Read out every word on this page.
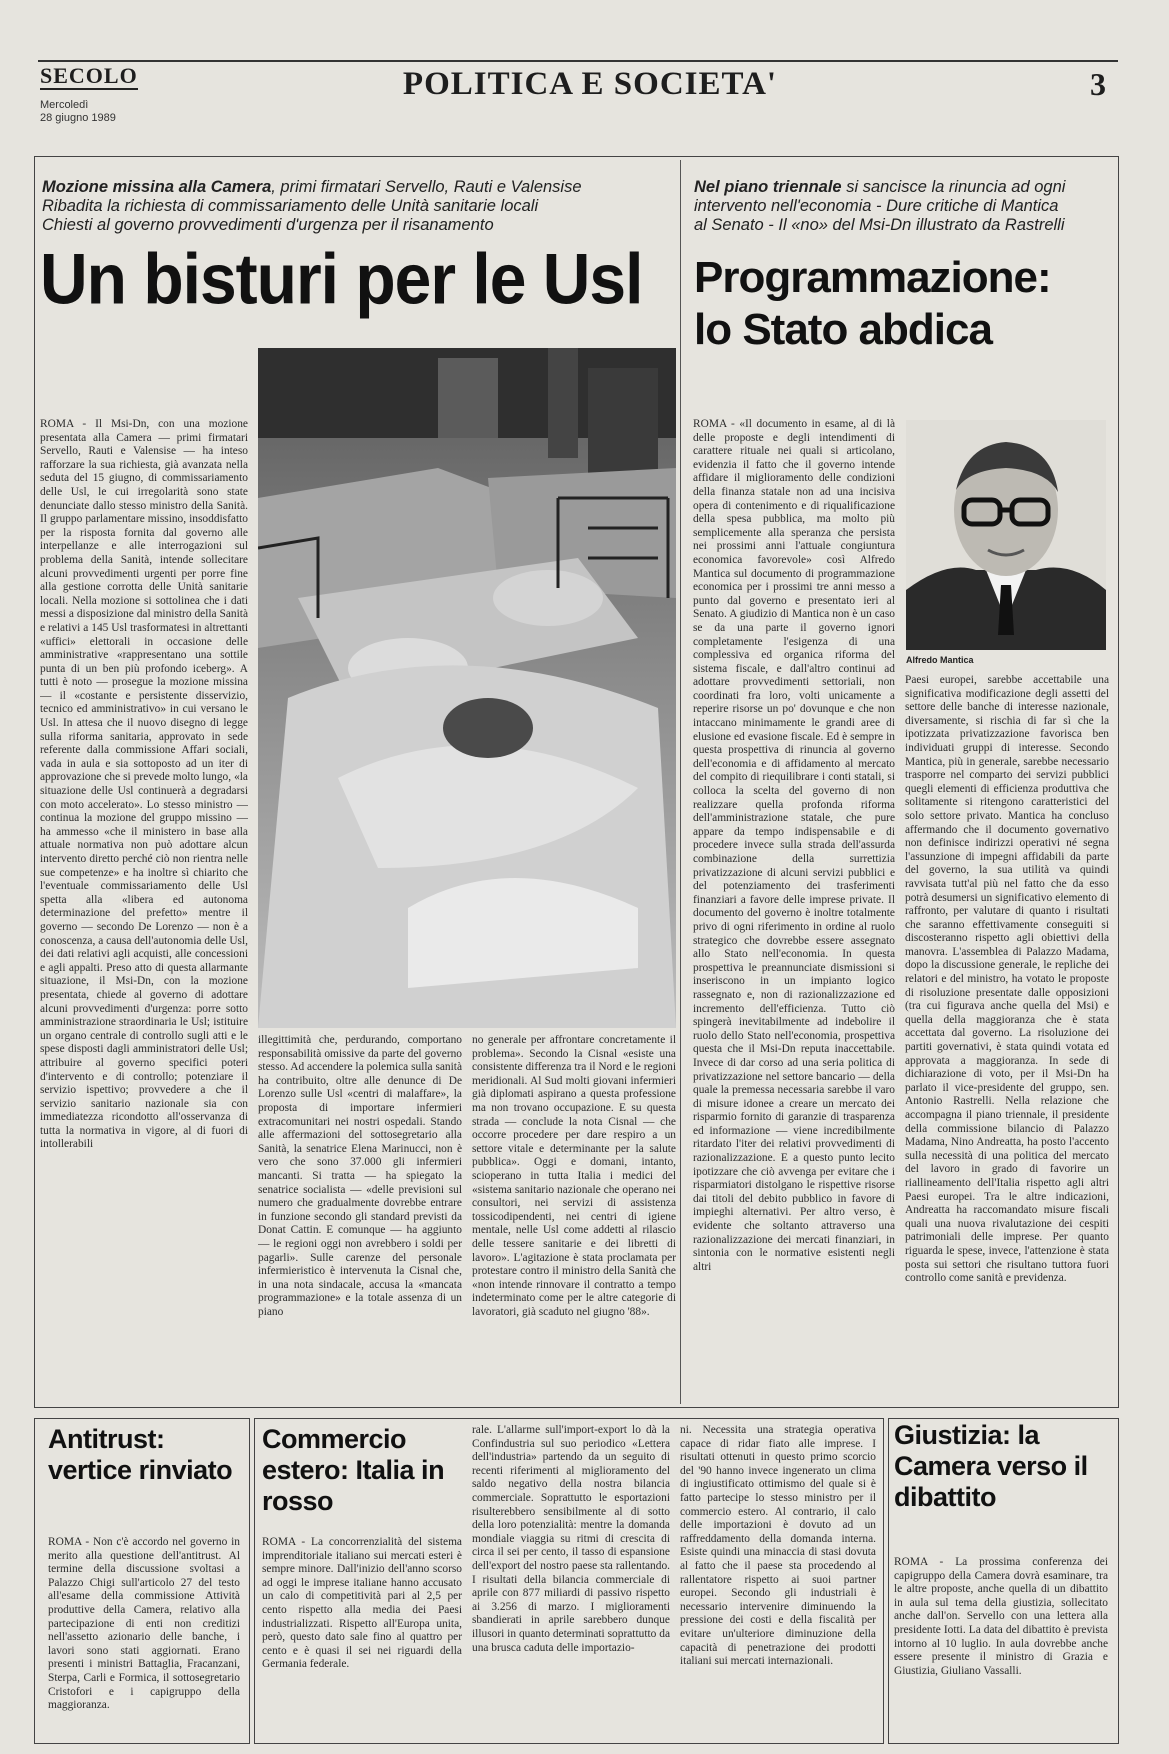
SECOLO
Mercoledì
28 giugno 1989
POLITICA E SOCIETA'	3
Mozione missina alla Camera, primi firmatari Servello, Rauti e Valensise
Ribadita la richiesta di commissariamento delle Unità sanitarie locali
Chiesti al governo provvedimenti d'urgenza per il risanamento
Un bisturi per le Usl

ROMA - Il Msi-Dn, con una mozione presentata alla Camera — primi firmatari Servello, Rauti e Valensise — ha inteso rafforzare la sua richiesta, già avanzata nella seduta del 15 giugno, di commissariamento delle Usl, le cui irregolarità sono state denunciate dallo stesso ministro della Sanità. Il gruppo parlamentare missino, insoddisfatto per la risposta fornita dal governo alle interpellanze e alle interrogazioni sul problema della Sanità, intende sollecitare alcuni provvedimenti urgenti per porre fine alla gestione corrotta delle Unità sanitarie locali. Nella mozione si sottolinea che i dati messi a disposizione dal ministro della Sanità e relativi a 145 Usl trasformatesi in altrettanti «uffici» elettorali in occasione delle amministrative «rappresentano una sottile punta di un ben più profondo iceberg». A tutti è noto — prosegue la mozione missina — il «costante e persistente disservizio, tecnico ed amministrativo» in cui versano le Usl. In attesa che il nuovo disegno di legge sulla riforma sanitaria, approvato in sede referente dalla commissione Affari sociali, vada in aula e sia sottoposto ad un iter di approvazione che si prevede molto lungo, «la situazione delle Usl continuerà a degradarsi con moto accelerato». Lo stesso ministro — continua la mozione del gruppo missino — ha ammesso «che il ministero in base alla attuale normativa non può adottare alcun intervento diretto perché ciò non rientra nelle sue competenze» e ha inoltre sì chiarito che l'eventuale commissariamento delle Usl spetta alla «libera ed autonoma determinazione del prefetto» mentre il governo — secondo De Lorenzo — non è a conoscenza, a causa dell'autonomia delle Usl, dei dati relativi agli acquisti, alle concessioni e agli appalti. Preso atto di questa allarmante situazione, il Msi-Dn, con la mozione presentata, chiede al governo di adottare alcuni provvedimenti d'urgenza: porre sotto amministrazione straordinaria le Usl; istituire un organo centrale di controllo sugli atti e le spese disposti dagli amministratori delle Usl; attribuire al governo specifici poteri d'intervento e di controllo; potenziare il servizio ispettivo; provvedere a che il servizio sanitario nazionale sia con immediatezza ricondotto all'osservanza di tutta la normativa in vigore, al di fuori di intollerabili

illegittimità che, perdurando, comportano responsabilità omissive da parte del governo stesso. Ad accendere la polemica sulla sanità ha contribuito, oltre alle denunce di De Lorenzo sulle Usl «centri di malaffare», la proposta di importare infermieri extracomunitari nei nostri ospedali. Stando alle affermazioni del sottosegretario alla Sanità, la senatrice Elena Marinucci, non è vero che sono 37.000 gli infermieri mancanti. Si tratta — ha spiegato la senatrice socialista — «delle previsioni sul numero che gradualmente dovrebbe entrare in funzione secondo gli standard previsti da Donat Cattin. E comunque — ha aggiunto — le regioni oggi non avrebbero i soldi per pagarli». Sulle carenze del personale infermieristico è intervenuta la Cisnal che, in una nota sindacale, accusa la «mancata programmazione» e la totale assenza di un piano

no generale per affrontare concretamente il problema». Secondo la Cisnal «esiste una consistente differenza tra il Nord e le regioni meridionali. Al Sud molti giovani infermieri già diplomati aspirano a questa professione ma non trovano occupazione. E su questa strada — conclude la nota Cisnal — che occorre procedere per dare respiro a un settore vitale e determinante per la salute pubblica». Oggi e domani, intanto, scioperano in tutta Italia i medici del «sistema sanitario nazionale che operano nei consultori, nei servizi di assistenza tossicodipendenti, nei centri di igiene mentale, nelle Usl come addetti al rilascio delle tessere sanitarie e dei libretti di lavoro». L'agitazione è stata proclamata per protestare contro il ministro della Sanità che «non intende rinnovare il contratto a tempo indeterminato come per le altre categorie di lavoratori, già scaduto nel giugno '88».

Nel piano triennale si sancisce la rinuncia ad ogni
intervento nell'economia - Dure critiche di Mantica
al Senato - Il «no» del Msi-Dn illustrato da Rastrelli
Programmazione:
lo Stato abdica
Alfredo Mantica

ROMA - «Il documento in esame, al di là delle proposte e degli intendimenti di carattere rituale nei quali si articolano, evidenzia il fatto che il governo intende affidare il miglioramento delle condizioni della finanza statale non ad una incisiva opera di contenimento e di riqualificazione della spesa pubblica, ma molto più semplicemente alla speranza che persista nei prossimi anni l'attuale congiuntura economica favorevole» così Alfredo Mantica sul documento di programmazione economica per i prossimi tre anni messo a punto dal governo e presentato ieri al Senato. A giudizio di Mantica non è un caso se da una parte il governo ignori completamente l'esigenza di una complessiva ed organica riforma del sistema fiscale, e dall'altro continui ad adottare provvedimenti settoriali, non coordinati fra loro, volti unicamente a reperire risorse un po' dovunque e che non intaccano minimamente le grandi aree di elusione ed evasione fiscale. Ed è sempre in questa prospettiva di rinuncia al governo dell'economia e di affidamento al mercato del compito di riequilibrare i conti statali, si colloca la scelta del governo di non realizzare quella profonda riforma dell'amministrazione statale, che pure appare da tempo indispensabile e di procedere invece sulla strada dell'assurda combinazione della surrettizia privatizzazione di alcuni servizi pubblici e del potenziamento dei trasferimenti finanziari a favore delle imprese private. Il documento del governo è inoltre totalmente privo di ogni riferimento in ordine al ruolo strategico che dovrebbe essere assegnato allo Stato nell'economia. In questa prospettiva le preannunciate dismissioni si inseriscono in un impianto logico rassegnato e, non di razionalizzazione ed incremento dell'efficienza. Tutto ciò spingerà inevitabilmente ad indebolire il ruolo dello Stato nell'economia, prospettiva questa che il Msi-Dn reputa inaccettabile. Invece di dar corso ad una seria politica di privatizzazione nel settore bancario — della quale la premessa necessaria sarebbe il varo di misure idonee a creare un mercato dei risparmio fornito di garanzie di trasparenza ed informazione — viene incredibilmente ritardato l'iter dei relativi provvedimenti di razionalizzazione. E a questo punto lecito ipotizzare che ciò avvenga per evitare che i risparmiatori distolgano le rispettive risorse dai titoli del debito pubblico in favore di impieghi alternativi. Per altro verso, è evidente che soltanto attraverso una razionalizzazione dei mercati finanziari, in sintonia con le normative esistenti negli altri

Paesi europei, sarebbe accettabile una significativa modificazione degli assetti del settore delle banche di interesse nazionale, diversamente, si rischia di far sì che la ipotizzata privatizzazione favorisca ben individuati gruppi di interesse. Secondo Mantica, più in generale, sarebbe necessario trasporre nel comparto dei servizi pubblici quegli elementi di efficienza produttiva che solitamente si ritengono caratteristici del solo settore privato. Mantica ha concluso affermando che il documento governativo non definisce indirizzi operativi né segna l'assunzione di impegni affidabili da parte del governo, la sua utilità va quindi ravvisata tutt'al più nel fatto che da esso potrà desumersi un significativo elemento di raffronto, per valutare di quanto i risultati che saranno effettivamente conseguiti si discosteranno rispetto agli obiettivi della manovra. L'assemblea di Palazzo Madama, dopo la discussione generale, le repliche dei relatori e del ministro, ha votato le proposte di risoluzione presentate dalle opposizioni (tra cui figurava anche quella del Msi) e quella della maggioranza che è stata accettata dal governo. La risoluzione dei partiti governativi, è stata quindi votata ed approvata a maggioranza. In sede di dichiarazione di voto, per il Msi-Dn ha parlato il vice-presidente del gruppo, sen. Antonio Rastrelli. Nella relazione che accompagna il piano triennale, il presidente della commissione bilancio di Palazzo Madama, Nino Andreatta, ha posto l'accento sulla necessità di una politica del mercato del lavoro in grado di favorire un riallineamento dell'Italia rispetto agli altri Paesi europei. Tra le altre indicazioni, Andreatta ha raccomandato misure fiscali quali una nuova rivalutazione dei cespiti patrimoniali delle imprese. Per quanto riguarda le spese, invece, l'attenzione è stata posta sui settori che risultano tuttora fuori controllo come sanità e previdenza.

Antitrust: vertice rinviato

ROMA - Non c'è accordo nel governo in merito alla questione dell'antitrust. Al termine della discussione svoltasi a Palazzo Chigi sull'articolo 27 del testo all'esame della commissione Attività produttive della Camera, relativo alla partecipazione di enti non creditizi nell'assetto azionario delle banche, i lavori sono stati aggiornati. Erano presenti i ministri Battaglia, Fracanzani, Sterpa, Carli e Formica, il sottosegretario Cristofori e i capigruppo della maggioranza.

Commercio estero: Italia in rosso

ROMA - La concorrenzialità del sistema imprenditoriale italiano sui mercati esteri è sempre minore. Dall'inizio dell'anno scorso ad oggi le imprese italiane hanno accusato un calo di competitività pari al 2,5 per cento rispetto alla media dei Paesi industrializzati. Rispetto all'Europa unita, però, questo dato sale fino al quattro per cento e è quasi il sei nei riguardi della Germania federale.

rale. L'allarme sull'import-export lo dà la Confindustria sul suo periodico «Lettera dell'industria» partendo da un seguito di recenti riferimenti al miglioramento del saldo negativo della nostra bilancia commerciale. Soprattutto le esportazioni risulterebbero sensibilmente al di sotto della loro potenzialità: mentre la domanda mondiale viaggia su ritmi di crescita di circa il sei per cento, il tasso di espansione dell'export del nostro paese sta rallentando. I risultati della bilancia commerciale di aprile con 877 miliardi di passivo rispetto ai 3.256 di marzo. I miglioramenti sbandierati in aprile sarebbero dunque illusori in quanto determinati soprattutto da una brusca caduta delle importazio-

ni. Necessita una strategia operativa capace di ridar fiato alle imprese. I risultati ottenuti in questo primo scorcio del '90 hanno invece ingenerato un clima di ingiustificato ottimismo del quale si è fatto partecipe lo stesso ministro per il commercio estero. Al contrario, il calo delle importazioni è dovuto ad un raffreddamento della domanda interna. Esiste quindi una minaccia di stasi dovuta al fatto che il paese sta procedendo al rallentatore rispetto ai suoi partner europei. Secondo gli industriali è necessario intervenire diminuendo la pressione dei costi e della fiscalità per evitare un'ulteriore diminuzione della capacità di penetrazione dei prodotti italiani sui mercati internazionali.

Giustizia: la Camera verso il dibattito

ROMA - La prossima conferenza dei capigruppo della Camera dovrà esaminare, tra le altre proposte, anche quella di un dibattito in aula sul tema della giustizia, sollecitato anche dall'on. Servello con una lettera alla presidente Iotti. La data del dibattito è prevista intorno al 10 luglio. In aula dovrebbe anche essere presente il ministro di Grazia e Giustizia, Giuliano Vassalli.
